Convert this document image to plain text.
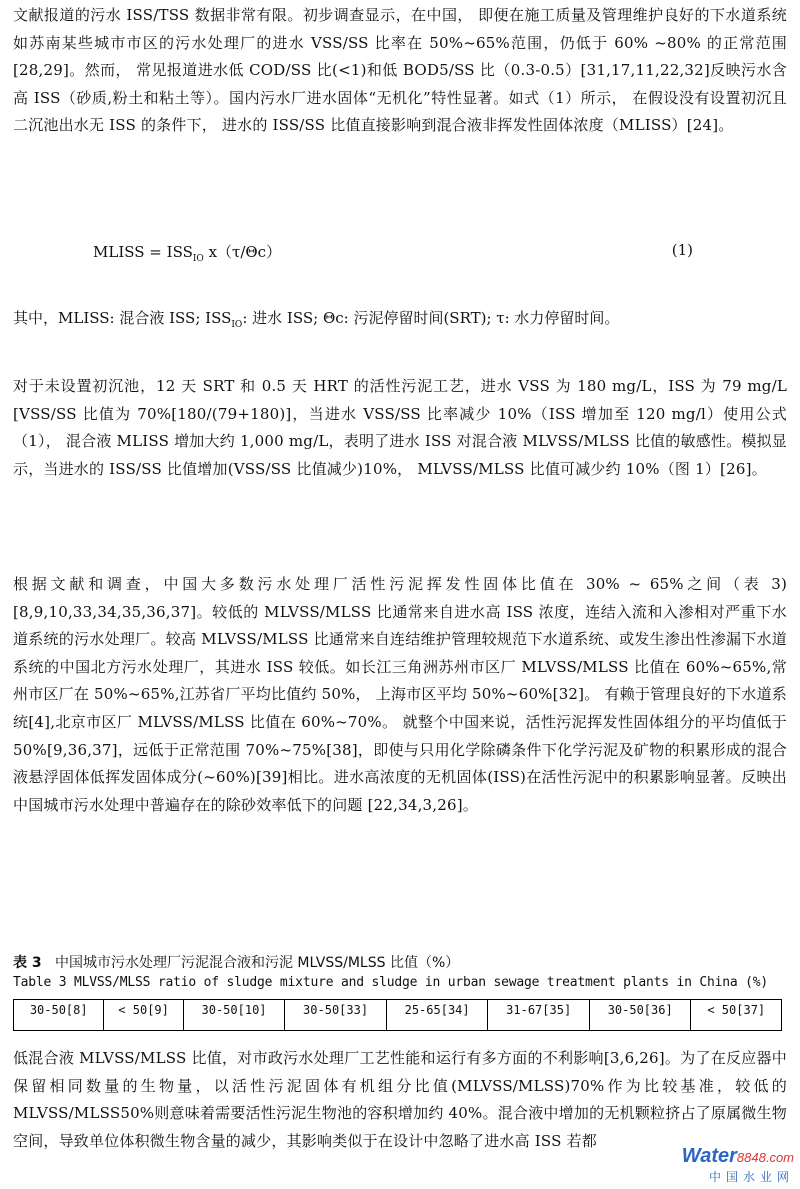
文献报道的污水 ISS/TSS 数据非常有限。初步调查显示，在中国， 即便在施工质量及管理维护良好的下水道系统如苏南某些城市市区的污水处理厂的进水 VSS/SS 比率在 50%~65%范围，仍低于 60% ~80% 的正常范围[28,29]。然而， 常见报道进水低 COD/SS 比(<1)和低 BOD5/SS 比（0.3-0.5）[31,17,11,22,32]反映污水含高 ISS（砂质,粉土和粘土等）。国内污水厂进水固体“无机化”特性显著。如式（1）所示， 在假设没有设置初沉且二沉池出水无 ISS 的条件下， 进水的 ISS/SS 比值直接影响到混合液非挥发性固体浓度（MLISS）[24]。

MLISS = $ISS_{IO}$ x（τ/Θc）	(1)
其中，MLISS: 混合液 ISS; $ISS_{IO}$: 进水 ISS; Θc: 污泥停留时间(SRT); τ: 水力停留时间。

对于未设置初沉池，12 天 SRT 和 0.5 天 HRT 的活性污泥工艺，进水 VSS 为 180 mg/L，ISS 为 79 mg/L [VSS/SS 比值为 70%[180/(79+180)]，当进水 VSS/SS 比率减少 10%（ISS 增加至 120 mg/l）使用公式（1）， 混合液 MLISS 增加大约 1,000 mg/L，表明了进水 ISS 对混合液 MLVSS/MLSS 比值的敏感性。模拟显示，当进水的 ISS/SS 比值增加(VSS/SS 比值减少)10%， MLVSS/MLSS 比值可减少约 10%（图 1）[26]。

根据文献和调查，中国大多数污水处理厂活性污泥挥发性固体比值在 30% ~ 65%之间（表 3)[8,9,10,33,34,35,36,37]。较低的 MLVSS/MLSS 比通常来自进水高 ISS 浓度，连结入流和入渗相对严重下水道系统的污水处理厂。较高 MLVSS/MLSS 比通常来自连结维护管理较规范下水道系统、或发生渗出性渗漏下水道系统的中国北方污水处理厂，其进水 ISS 较低。如长江三角洲苏州市区厂 MLVSS/MLSS 比值在 60%~65%,常州市区厂在 50%~65%,江苏省厂平均比值约 50%， 上海市区平均 50%~60%[32]。 有赖于管理良好的下水道系统[4],北京市区厂 MLVSS/MLSS 比值在 60%~70%。 就整个中国来说，活性污泥挥发性固体组分的平均值低于 50%[9,36,37]，远低于正常范围 70%~75%[38]，即使与只用化学除磷条件下化学污泥及矿物的积累形成的混合液悬浮固体低挥发固体成分(~60%)[39]相比。进水高浓度的无机固体(ISS)在活性污泥中的积累影响显著。反映出中国城市污水处理中普遍存在的除砂效率低下的问题 [22,34,3,26]。

表 3 中国城市污水处理厂污泥混合液和污泥 MLVSS/MLSS 比值（%）
Table 3 MLVSS/MLSS ratio of sludge mixture and sludge in urban sewage treatment plants in China (%)
30-50[8]	< 50[9]	30-50[10]	30-50[33]	25-65[34]	31-67[35]	30-50[36]	< 50[37]

低混合液 MLVSS/MLSS 比值，对市政污水处理厂工艺性能和运行有多方面的不利影响[3,6,26]。为了在反应器中保留相同数量的生物量，以活性污泥固体有机组分比值(MLVSS/MLSS)70%作为比较基准，较低的 MLVSS/MLSS50%则意味着需要活性污泥生物池的容积增加约 40%。混合液中增加的无机颗粒挤占了原属微生物空间，导致单位体积微生物含量的减少，其影响类似于在设计中忽略了进水高 ISS 若都

Water8848.com
中国水业网
